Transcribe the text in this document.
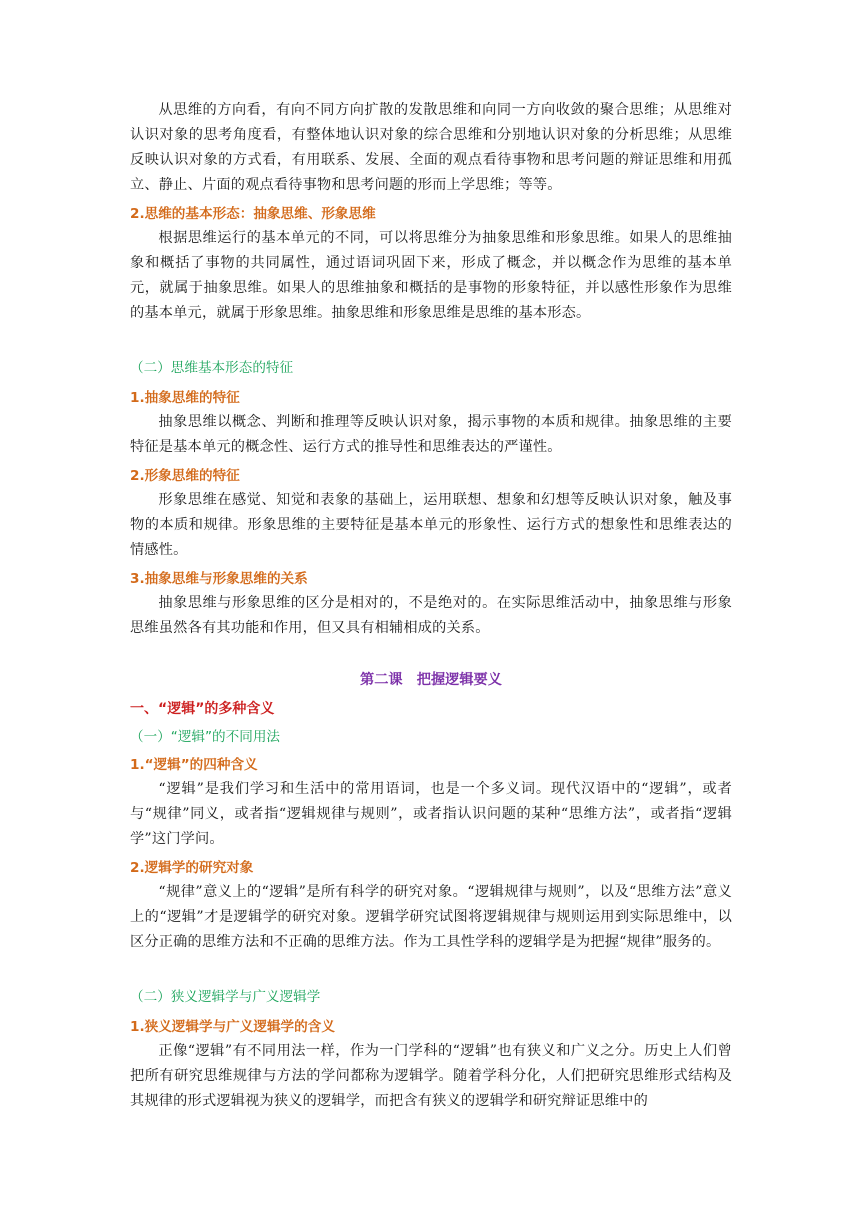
从思维的方向看，有向不同方向扩散的发散思维和向同一方向收敛的聚合思维；从思维对认识对象的思考角度看，有整体地认识对象的综合思维和分别地认识对象的分析思维；从思维反映认识对象的方式看，有用联系、发展、全面的观点看待事物和思考问题的辩证思维和用孤立、静止、片面的观点看待事物和思考问题的形而上学思维；等等。

2.思维的基本形态：抽象思维、形象思维

根据思维运行的基本单元的不同，可以将思维分为抽象思维和形象思维。如果人的思维抽象和概括了事物的共同属性，通过语词巩固下来，形成了概念，并以概念作为思维的基本单元，就属于抽象思维。如果人的思维抽象和概括的是事物的形象特征，并以感性形象作为思维的基本单元，就属于形象思维。抽象思维和形象思维是思维的基本形态。

（二）思维基本形态的特征

1.抽象思维的特征

抽象思维以概念、判断和推理等反映认识对象，揭示事物的本质和规律。抽象思维的主要特征是基本单元的概念性、运行方式的推导性和思维表达的严谨性。

2.形象思维的特征

形象思维在感觉、知觉和表象的基础上，运用联想、想象和幻想等反映认识对象，触及事物的本质和规律。形象思维的主要特征是基本单元的形象性、运行方式的想象性和思维表达的情感性。

3.抽象思维与形象思维的关系

抽象思维与形象思维的区分是相对的，不是绝对的。在实际思维活动中，抽象思维与形象思维虽然各有其功能和作用，但又具有相辅相成的关系。

第二课　把握逻辑要义

一、“逻辑”的多种含义

（一）“逻辑”的不同用法

1.“逻辑”的四种含义

“逻辑”是我们学习和生活中的常用语词，也是一个多义词。现代汉语中的“逻辑”，或者与“规律”同义，或者指“逻辑规律与规则”，或者指认识问题的某种“思维方法”，或者指“逻辑学”这门学问。

2.逻辑学的研究对象

“规律”意义上的“逻辑”是所有科学的研究对象。“逻辑规律与规则”，以及“思维方法”意义上的“逻辑”才是逻辑学的研究对象。逻辑学研究试图将逻辑规律与规则运用到实际思维中，以区分正确的思维方法和不正确的思维方法。作为工具性学科的逻辑学是为把握“规律”服务的。

（二）狭义逻辑学与广义逻辑学

1.狭义逻辑学与广义逻辑学的含义

正像“逻辑”有不同用法一样，作为一门学科的“逻辑”也有狭义和广义之分。历史上人们曾把所有研究思维规律与方法的学问都称为逻辑学。随着学科分化，人们把研究思维形式结构及其规律的形式逻辑视为狭义的逻辑学，而把含有狭义的逻辑学和研究辩证思维中的
